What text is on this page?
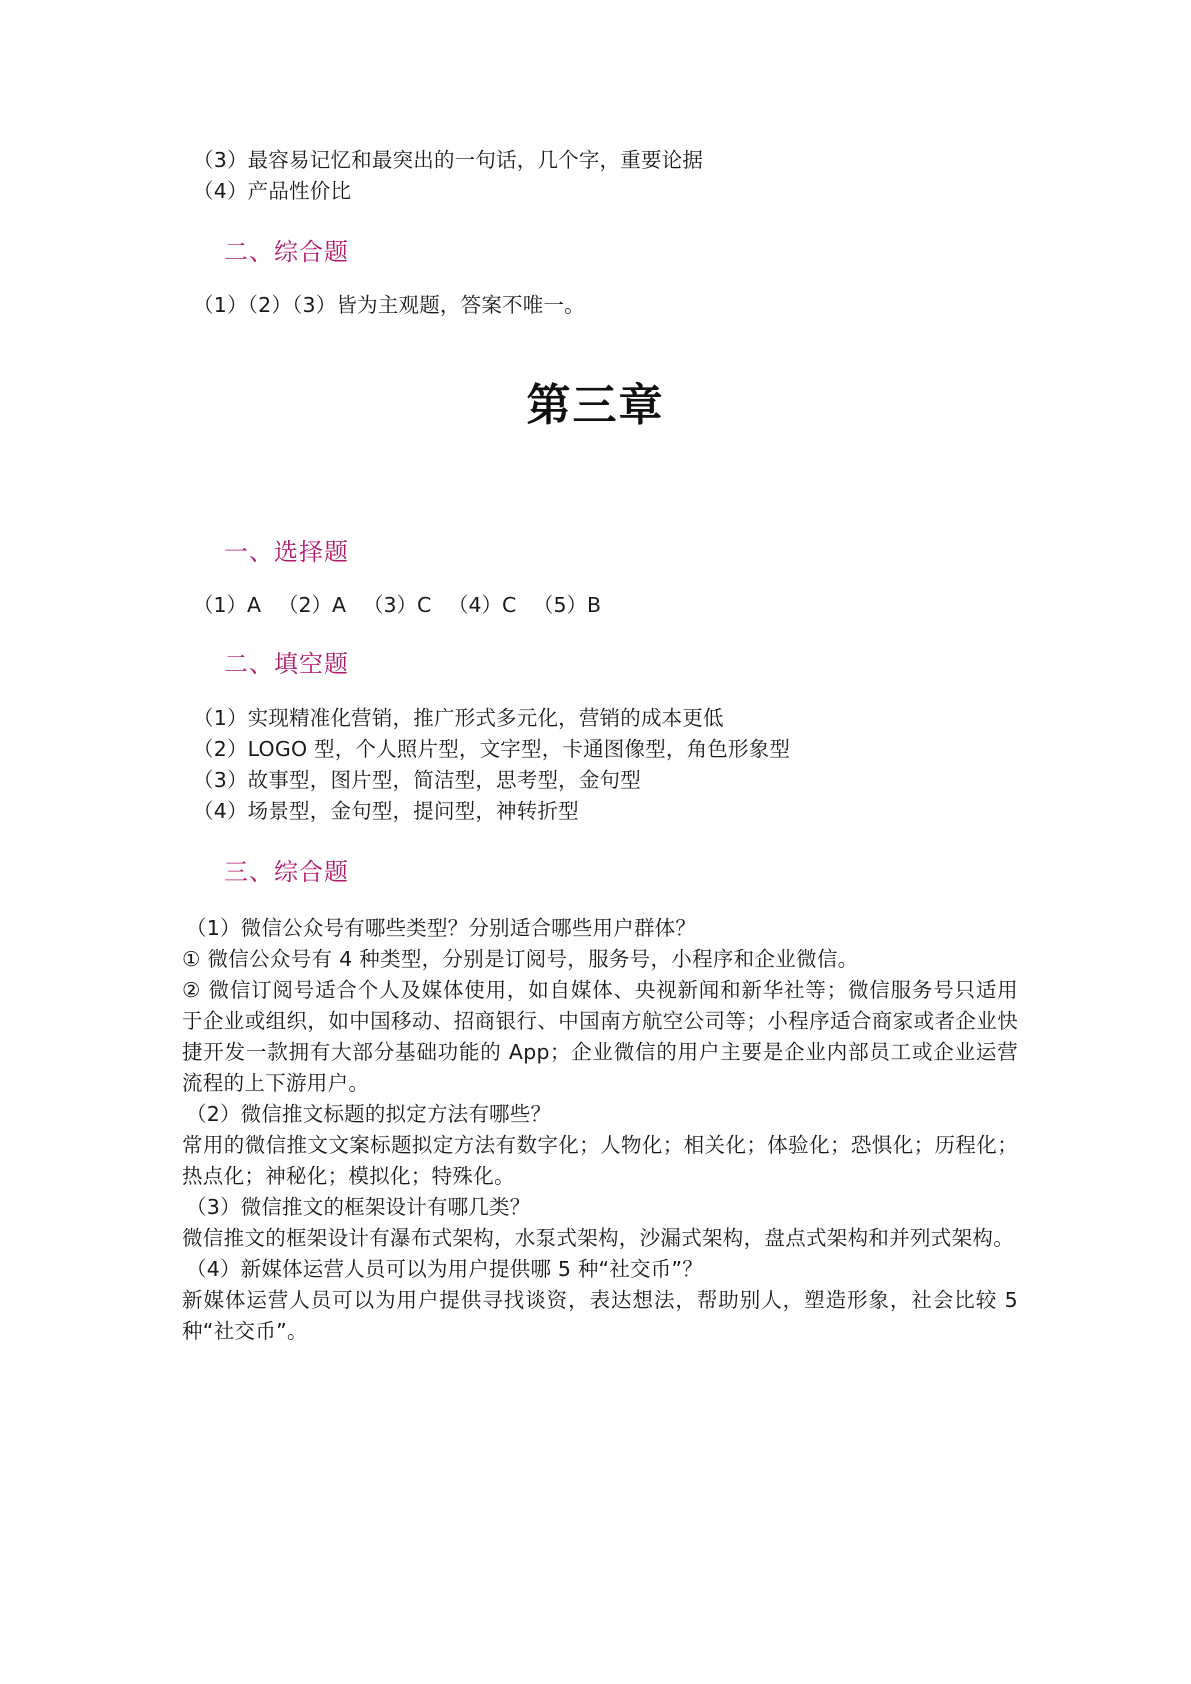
（3）最容易记忆和最突出的一句话，几个字，重要论据
（4）产品性价比
二、综合题
（1）（2）（3）皆为主观题，答案不唯一。
第三章
一、选择题
（1）A （2）A （3）C （4）C （5）B
二、填空题
（1）实现精准化营销，推广形式多元化，营销的成本更低
（2）LOGO 型，个人照片型，文字型，卡通图像型，角色形象型
（3）故事型，图片型，简洁型，思考型，金句型
（4）场景型，金句型，提问型，神转折型
三、综合题
（1）微信公众号有哪些类型？分别适合哪些用户群体？
① 微信公众号有 4 种类型，分别是订阅号，服务号，小程序和企业微信。
② 微信订阅号适合个人及媒体使用，如自媒体、央视新闻和新华社等；微信服务号只适用于企业或组织，如中国移动、招商银行、中国南方航空公司等；小程序适合商家或者企业快捷开发一款拥有大部分基础功能的 App；企业微信的用户主要是企业内部员工或企业运营流程的上下游用户。
（2）微信推文标题的拟定方法有哪些？
常用的微信推文文案标题拟定方法有数字化；人物化；相关化；体验化；恐惧化；历程化；热点化；神秘化；模拟化；特殊化。
（3）微信推文的框架设计有哪几类？
微信推文的框架设计有瀑布式架构，水泵式架构，沙漏式架构，盘点式架构和并列式架构。
（4）新媒体运营人员可以为用户提供哪 5 种“社交币”？
新媒体运营人员可以为用户提供寻找谈资，表达想法，帮助别人，塑造形象，社会比较 5 种“社交币”。
